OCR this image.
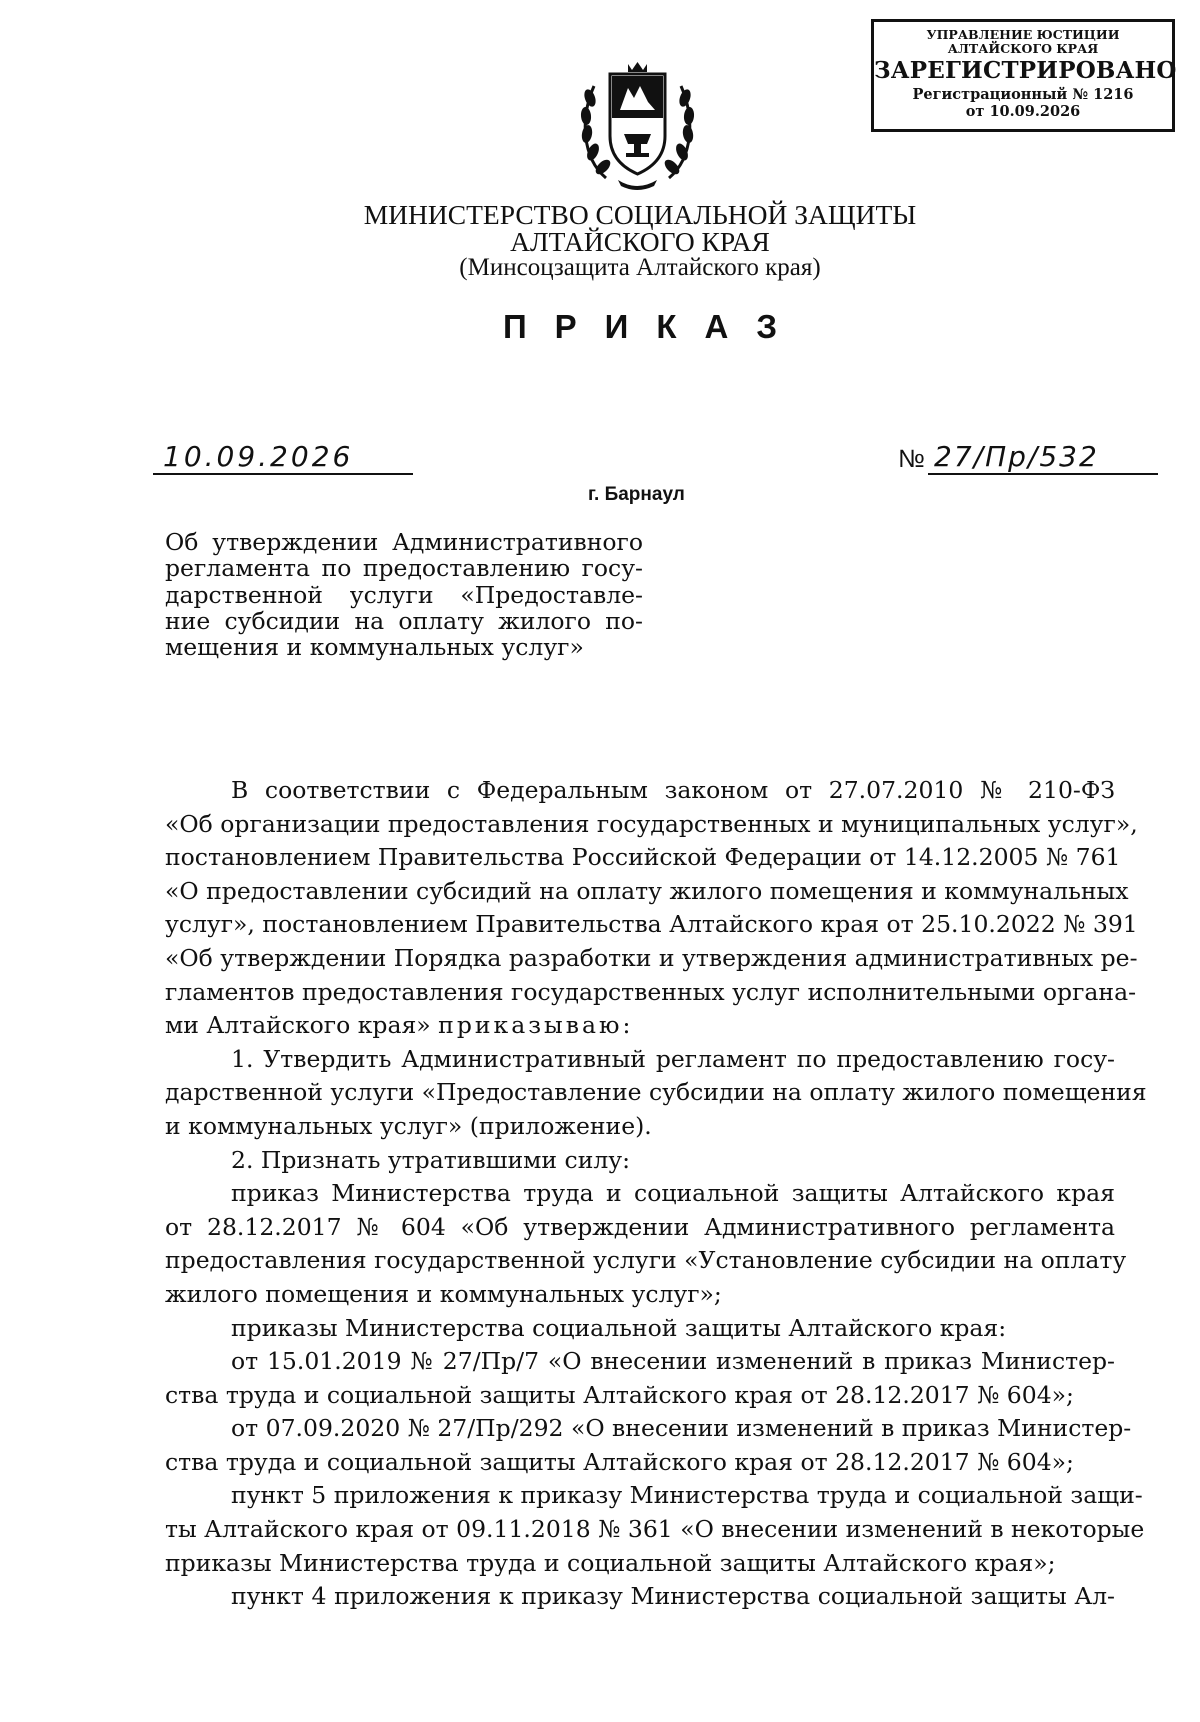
УПРАВЛЕНИЕ ЮСТИЦИИ
АЛТАЙСКОГО КРАЯ
ЗАРЕГИСТРИРОВАНО
Регистрационный № 1216
от 10.09.2026
МИНИСТЕРСТВО СОЦИАЛЬНОЙ ЗАЩИТЫ
АЛТАЙСКОГО КРАЯ
(Минсоцзащита Алтайского края)
ПРИКАЗ
10.09.2026	№ 27/Пр/532
г. Барнаул
Об утверждении Административного
регламента по предоставлению госу-
дарственной услуги «Предоставле-
ние субсидии на оплату жилого по-
мещения и коммунальных услуг»
В соответствии с Федеральным законом от 27.07.2010 № 210-ФЗ
«Об организации предоставления государственных и муниципальных услуг»,
постановлением Правительства Российской Федерации от 14.12.2005 № 761
«О предоставлении субсидий на оплату жилого помещения и коммунальных
услуг», постановлением Правительства Алтайского края от 25.10.2022 № 391
«Об утверждении Порядка разработки и утверждения административных ре-
гламентов предоставления государственных услуг исполнительными органа-
ми Алтайского края» приказываю:
1. Утвердить Административный регламент по предоставлению госу-
дарственной услуги «Предоставление субсидии на оплату жилого помещения
и коммунальных услуг» (приложение).
2. Признать утратившими силу:
приказ Министерства труда и социальной защиты Алтайского края
от 28.12.2017 № 604 «Об утверждении Административного регламента
предоставления государственной услуги «Установление субсидии на оплату
жилого помещения и коммунальных услуг»;
приказы Министерства социальной защиты Алтайского края:
от 15.01.2019 № 27/Пр/7 «О внесении изменений в приказ Министер-
ства труда и социальной защиты Алтайского края от 28.12.2017 № 604»;
от 07.09.2020 № 27/Пр/292 «О внесении изменений в приказ Министер-
ства труда и социальной защиты Алтайского края от 28.12.2017 № 604»;
пункт 5 приложения к приказу Министерства труда и социальной защи-
ты Алтайского края от 09.11.2018 № 361 «О внесении изменений в некоторые
приказы Министерства труда и социальной защиты Алтайского края»;
пункт 4 приложения к приказу Министерства социальной защиты Ал-
